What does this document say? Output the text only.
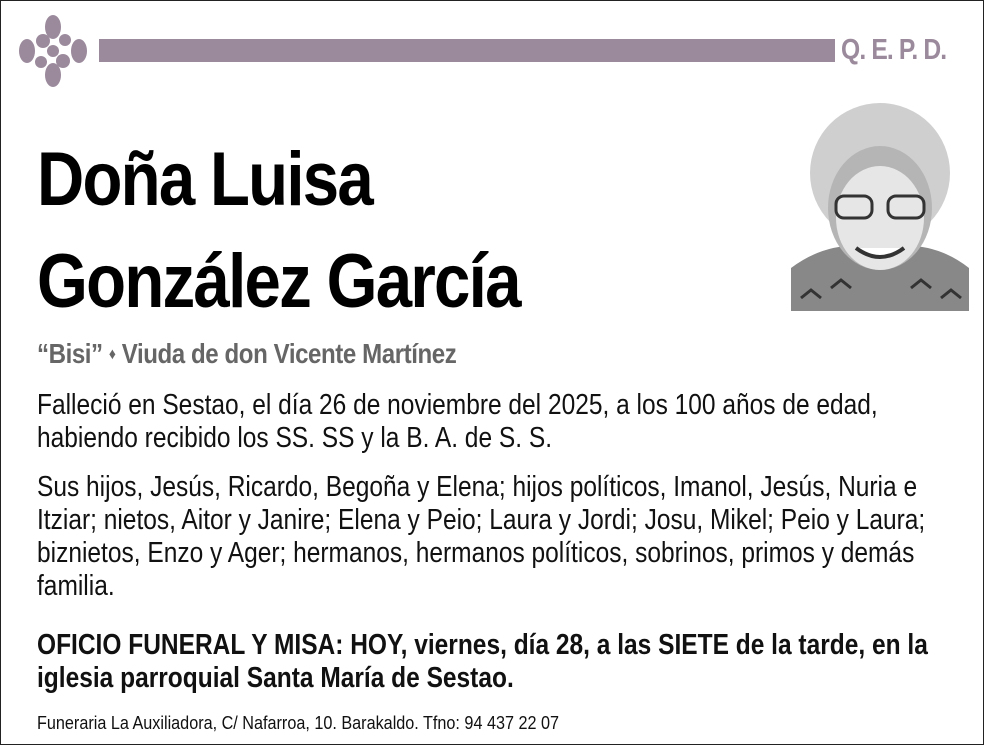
Q. E. P. D.
Doña Luisa
González García
“Bisi” ♦ Viuda de don Vicente Martínez
Falleció en Sestao, el día 26 de noviembre del 2025, a los 100 años de edad, habiendo recibido los SS. SS y la B. A. de S. S.
Sus hijos, Jesús, Ricardo, Begoña y Elena; hijos políticos, Imanol, Jesús, Nuria e Itziar; nietos, Aitor y Janire; Elena y Peio; Laura y Jordi; Josu, Mikel; Peio y Laura; biznietos, Enzo y Ager; hermanos, hermanos políticos, sobrinos, primos y demás familia.
OFICIO FUNERAL Y MISA: HOY, viernes, día 28, a las SIETE de la tarde, en la iglesia parroquial Santa María de Sestao.
Funeraria La Auxiliadora, C/ Nafarroa, 10. Barakaldo. Tfno: 94 437 22 07
